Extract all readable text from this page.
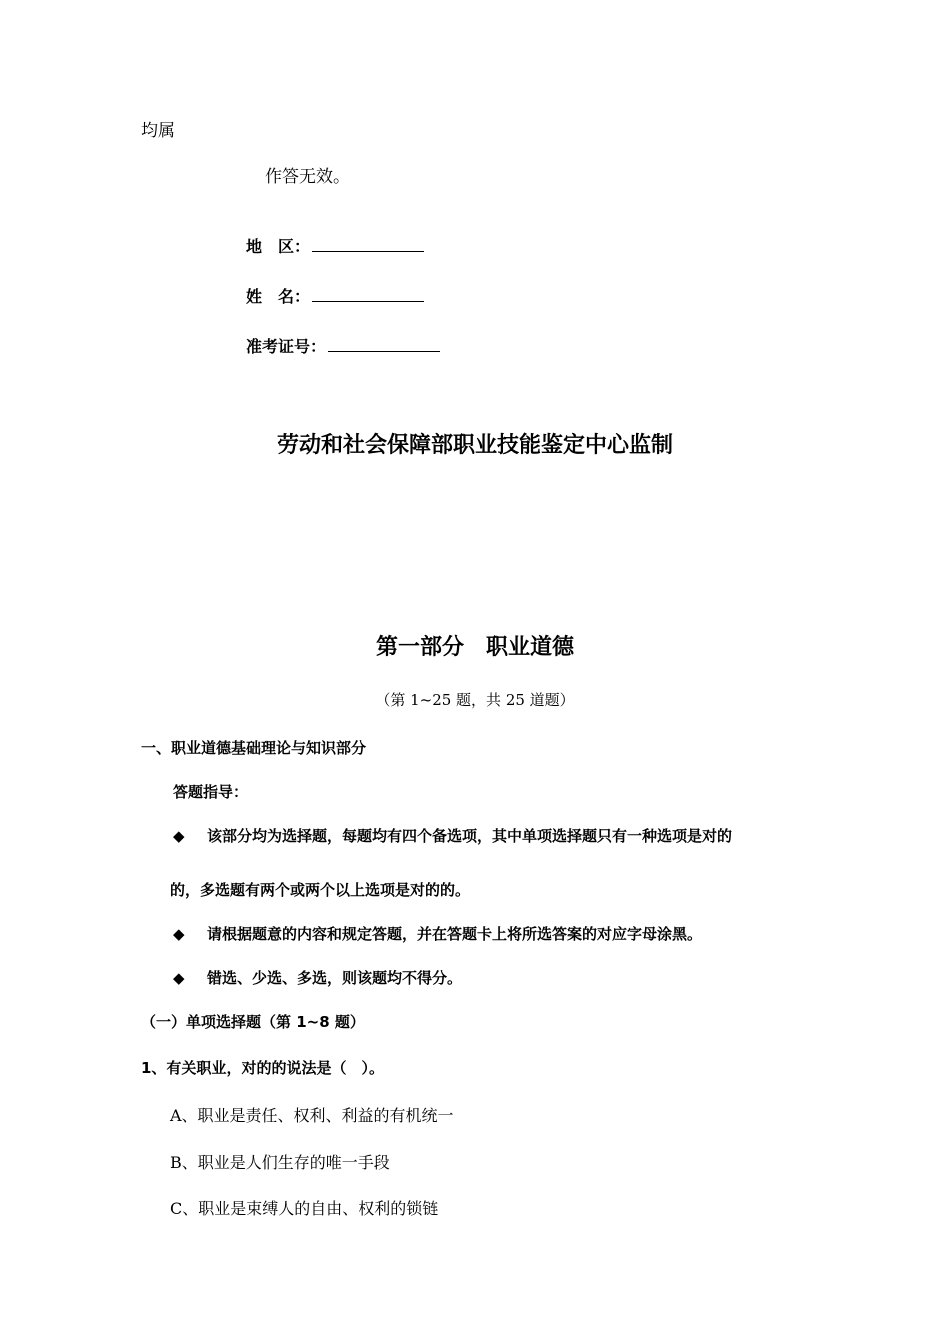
均属
作答无效。
地　区：
姓　名：
准考证号：
劳动和社会保障部职业技能鉴定中心监制
第一部分　职业道德
（第 1~25 题，共 25 道题）
一、职业道德基础理论与知识部分
答题指导：
◆ 该部分均为选择题，每题均有四个备选项，其中单项选择题只有一种选项是对的
的，多选题有两个或两个以上选项是对的的。
◆ 请根据题意的内容和规定答题，并在答题卡上将所选答案的对应字母涂黑。
◆ 错选、少选、多选，则该题均不得分。
（一）单项选择题（第 1~8 题）
1、有关职业，对的的说法是（　）。
A、职业是责任、权利、利益的有机统一
B、职业是人们生存的唯一手段
C、职业是束缚人的自由、权利的锁链
